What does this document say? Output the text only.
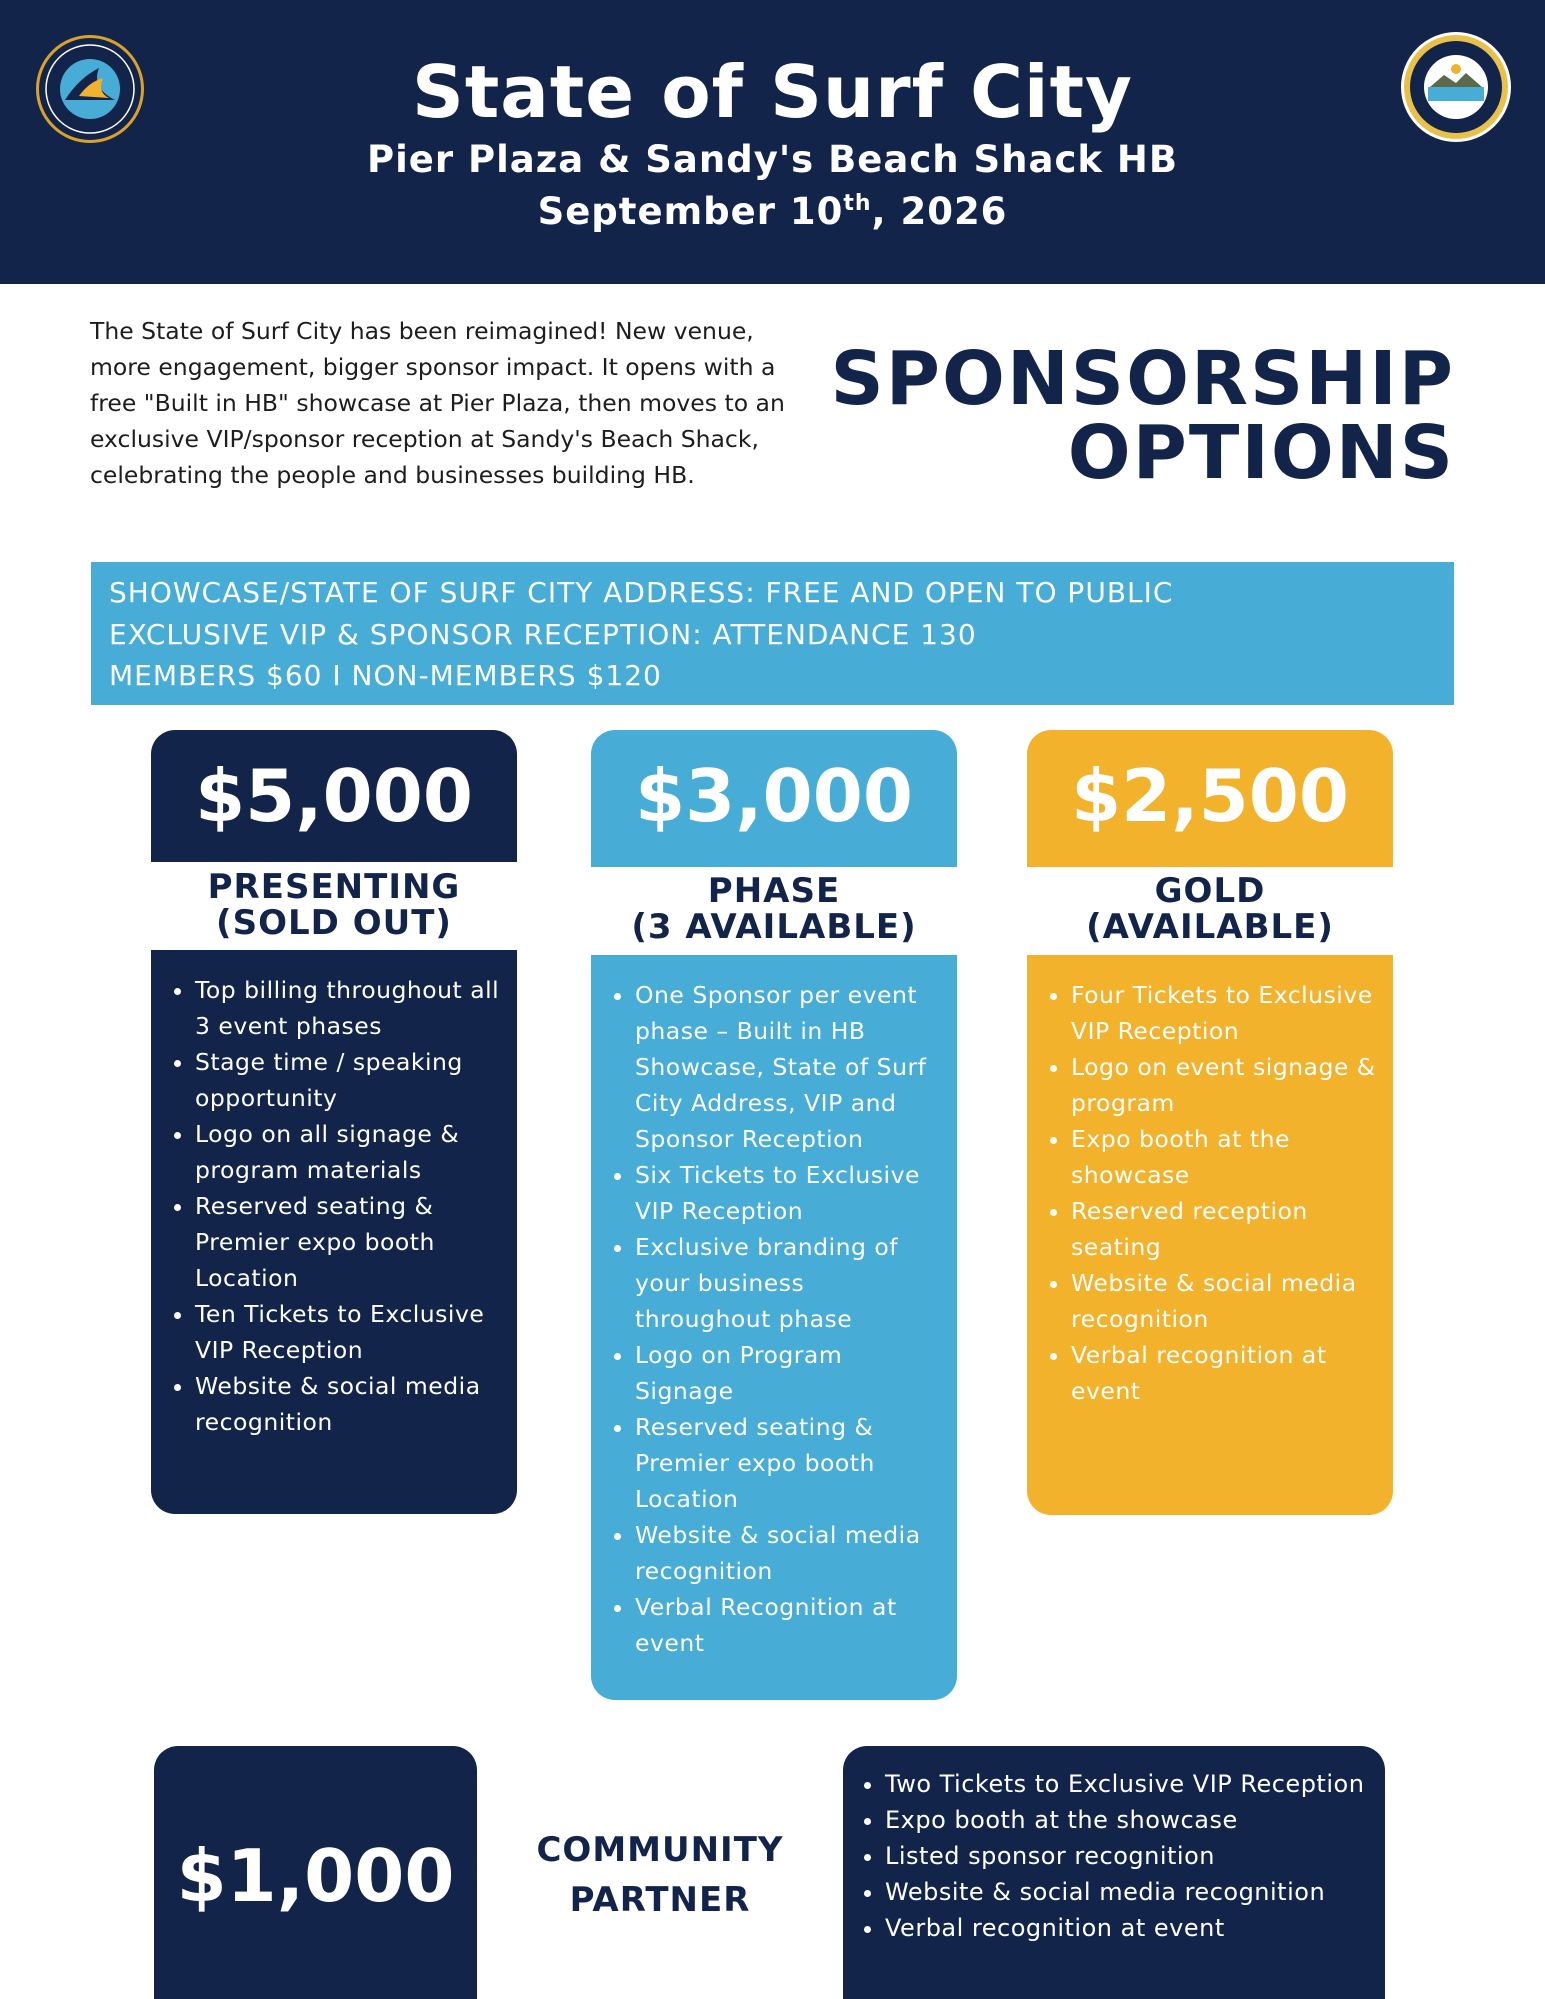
State of Surf City
Pier Plaza & Sandy's Beach Shack HB
September 10th, 2026
The State of Surf City has been reimagined! New venue, more engagement, bigger sponsor impact. It opens with a free "Built in HB" showcase at Pier Plaza, then moves to an exclusive VIP/sponsor reception at Sandy's Beach Shack, celebrating the people and businesses building HB.
SPONSORSHIP
OPTIONS
SHOWCASE/STATE OF SURF CITY ADDRESS: FREE AND OPEN TO PUBLIC
EXCLUSIVE VIP & SPONSOR RECEPTION: ATTENDANCE 130
MEMBERS $60 I NON-MEMBERS $120
$5,000
PRESENTING
(SOLD OUT)
• Top billing throughout all 3 event phases
• Stage time / speaking opportunity
• Logo on all signage & program materials
• Reserved seating & Premier expo booth Location
• Ten Tickets to Exclusive VIP Reception
• Website & social media recognition
$3,000
PHASE
(3 AVAILABLE)
• One Sponsor per event phase – Built in HB Showcase, State of Surf City Address, VIP and Sponsor Reception
• Six Tickets to Exclusive VIP Reception
• Exclusive branding of your business throughout phase
• Logo on Program Signage
• Reserved seating & Premier expo booth Location
• Website & social media recognition
• Verbal Recognition at event
$2,500
GOLD
(AVAILABLE)
• Four Tickets to Exclusive VIP Reception
• Logo on event signage & program
• Expo booth at the showcase
• Reserved reception seating
• Website & social media recognition
• Verbal recognition at event
$1,000	COMMUNITY
PARTNER
• Two Tickets to Exclusive VIP Reception
• Expo booth at the showcase
• Listed sponsor recognition
• Website & social media recognition
• Verbal recognition at event
